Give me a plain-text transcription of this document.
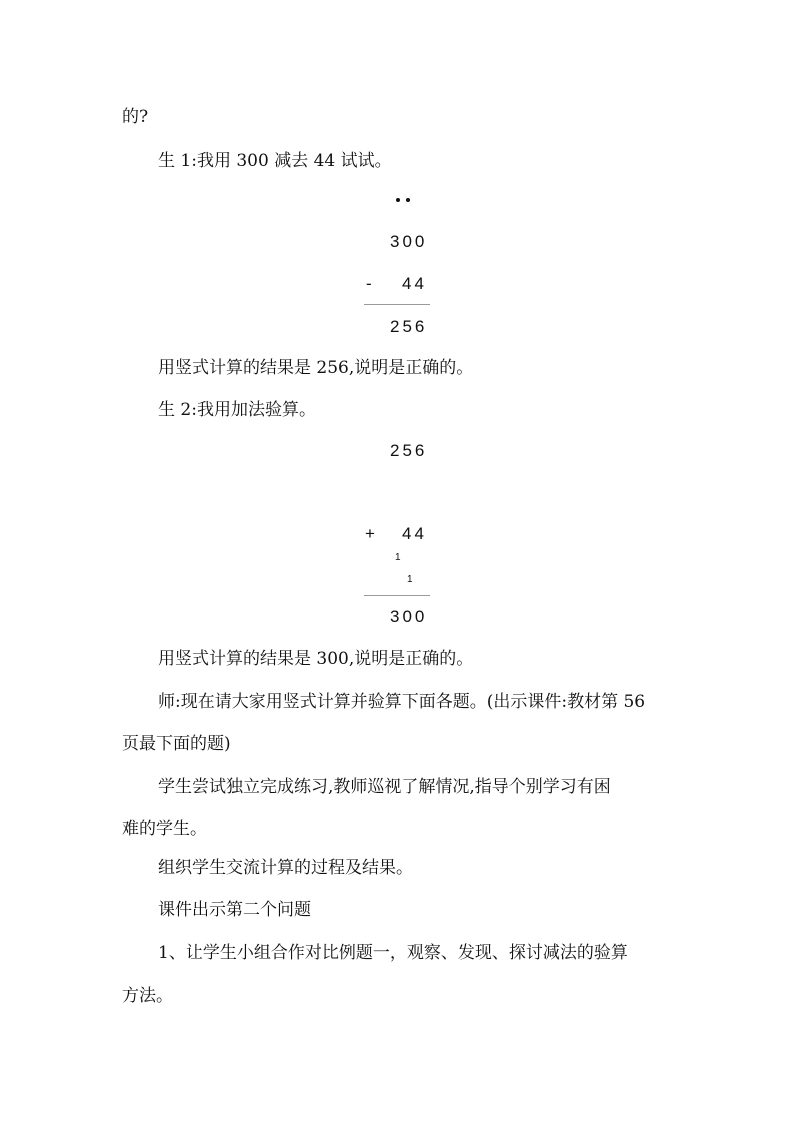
的?
生 1:我用 300 减去 44 试试。
300
- 44
256
用竖式计算的结果是 256,说明是正确的。
生 2:我用加法验算。
256
+ 44
1
1
300
用竖式计算的结果是 300,说明是正确的。
师:现在请大家用竖式计算并验算下面各题。(出示课件:教材第 56
页最下面的题)
学生尝试独立完成练习,教师巡视了解情况,指导个别学习有困
难的学生。
组织学生交流计算的过程及结果。
课件出示第二个问题
1、让学生小组合作对比例题一，观察、发现、探讨减法的验算
方法。
